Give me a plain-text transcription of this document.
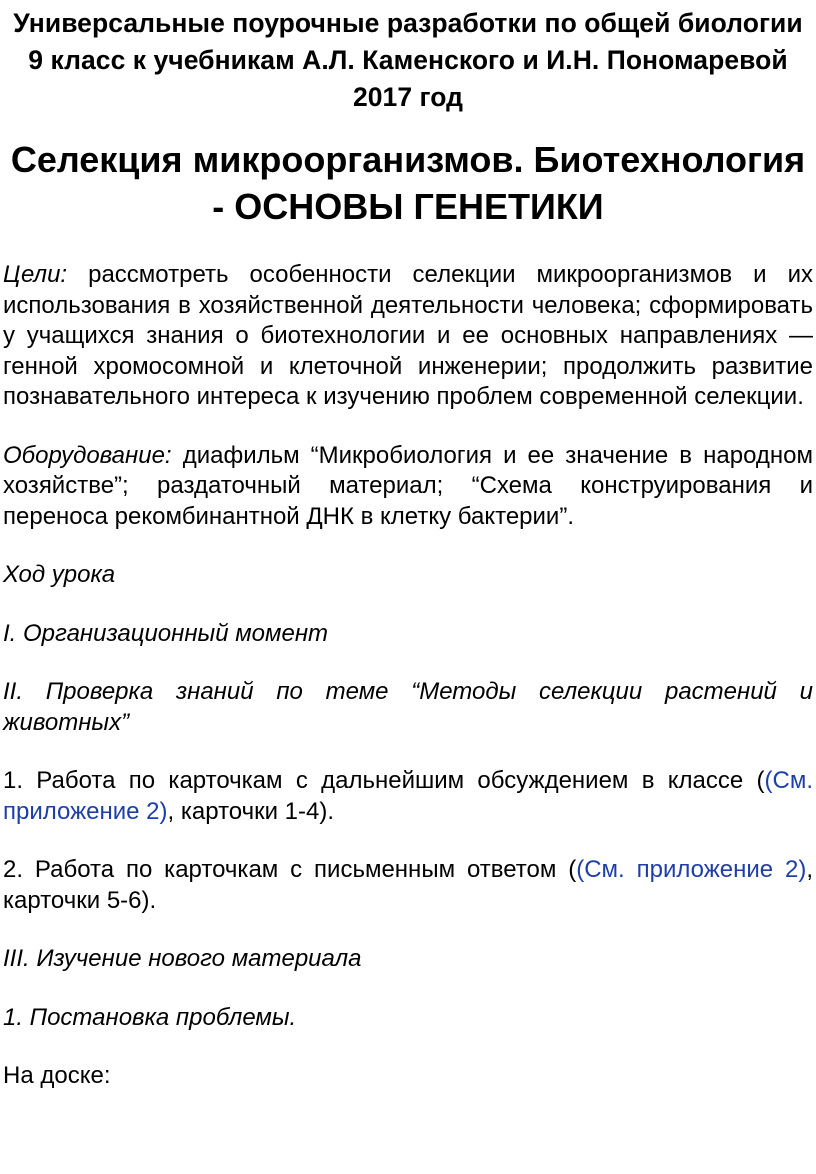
Универсальные поурочные разработки по общей биологии 9 класс к учебникам А.Л. Каменского и И.Н. Пономаревой 2017 год
Селекция микроорганизмов. Биотехнология - ОСНОВЫ ГЕНЕТИКИ

Цели: рассмотреть особенности селекции микроорганизмов и их использования в хозяйственной деятельности человека; сформировать у учащихся знания о биотехнологии и ее основных направлениях — генной хромосомной и клеточной инженерии; продолжить развитие познавательного интереса к изучению проблем современной селекции.

Оборудование: диафильм “Микробиология и ее значение в народном хозяйстве”; раздаточный материал; “Схема конструирования и переноса рекомбинантной ДНК в клетку бактерии”.

Ход урока

I. Организационный момент

II. Проверка знаний по теме “Методы селекции растений и животных”

1. Работа по карточкам с дальнейшим обсуждением в классе ((См. приложение 2), карточки 1-4).

2. Работа по карточкам с письменным ответом ((См. приложение 2), карточки 5-6).

III. Изучение нового материала

1. Постановка проблемы.

На доске:
